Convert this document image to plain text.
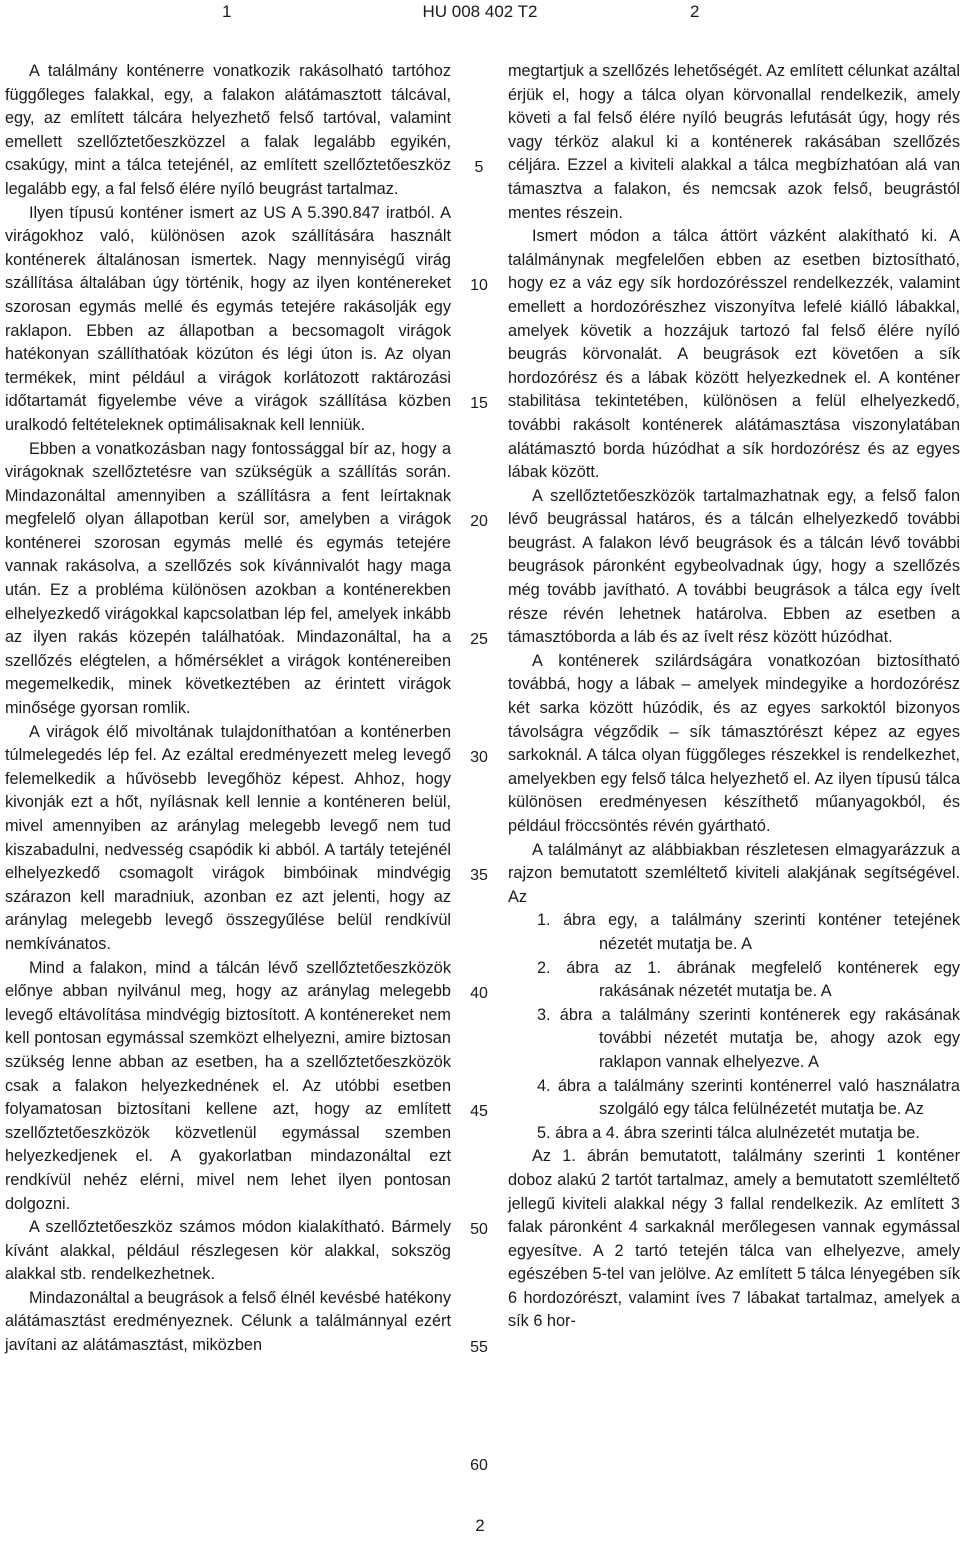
1	HU 008 402 T2	2

A találmány konténerre vonatkozik rakásolható tartóhoz függőleges falakkal, egy, a falakon alátámasztott tálcával, egy, az említett tálcára helyezhető felső tartóval, valamint emellett szellőztetőeszközzel a falak legalább egyikén, csakúgy, mint a tálca tetejénél, az említett szellőztetőeszköz legalább egy, a fal felső élére nyíló beugrást tartalmaz.

Ilyen típusú konténer ismert az US A 5.390.847 iratból. A virágokhoz való, különösen azok szállítására használt konténerek általánosan ismertek. Nagy mennyiségű virág szállítása általában úgy történik, hogy az ilyen konténereket szorosan egymás mellé és egymás tetejére rakásolják egy raklapon. Ebben az állapotban a becsomagolt virágok hatékonyan szállíthatóak közúton és légi úton is. Az olyan termékek, mint például a virágok korlátozott raktározási időtartamát figyelembe véve a virágok szállítása közben uralkodó feltételeknek optimálisaknak kell lenniük.

Ebben a vonatkozásban nagy fontossággal bír az, hogy a virágoknak szellőztetésre van szükségük a szállítás során. Mindazonáltal amennyiben a szállításra a fent leírtaknak megfelelő olyan állapotban kerül sor, amelyben a virágok konténerei szorosan egymás mellé és egymás tetejére vannak rakásolva, a szellőzés sok kívánnivalót hagy maga után. Ez a probléma különösen azokban a konténerekben elhelyezkedő virágokkal kapcsolatban lép fel, amelyek inkább az ilyen rakás közepén találhatóak. Mindazonáltal, ha a szellőzés elégtelen, a hőmérséklet a virágok konténereiben megemelkedik, minek következtében az érintett virágok minősége gyorsan romlik.

A virágok élő mivoltának tulajdoníthatóan a konténerben túlmelegedés lép fel. Az ezáltal eredményezett meleg levegő felemelkedik a hűvösebb levegőhöz képest. Ahhoz, hogy kivonják ezt a hőt, nyílásnak kell lennie a konténeren belül, mivel amennyiben az aránylag melegebb levegő nem tud kiszabadulni, nedvesség csapódik ki abból. A tartály tetejénél elhelyezkedő csomagolt virágok bimbóinak mindvégig szárazon kell maradniuk, azonban ez azt jelenti, hogy az aránylag melegebb levegő összegyűlése belül rendkívül nemkívánatos.

Mind a falakon, mind a tálcán lévő szellőztetőeszközök előnye abban nyilvánul meg, hogy az aránylag melegebb levegő eltávolítása mindvégig biztosított. A konténereket nem kell pontosan egymással szemközt elhelyezni, amire biztosan szükség lenne abban az esetben, ha a szellőztetőeszközök csak a falakon helyezkednének el. Az utóbbi esetben folyamatosan biztosítani kellene azt, hogy az említett szellőztetőeszközök közvetlenül egymással szemben helyezkedjenek el. A gyakorlatban mindazonáltal ezt rendkívül nehéz elérni, mivel nem lehet ilyen pontosan dolgozni.

A szellőztetőeszköz számos módon kialakítható. Bármely kívánt alakkal, például részlegesen kör alakkal, sokszög alakkal stb. rendelkezhetnek.

Mindazonáltal a beugrások a felső élnél kevésbé hatékony alátámasztást eredményeznek. Célunk a találmánnyal ezért javítani az alátámasztást, miközben

5
10
15
20
25
30
35
40
45
50
55
60

megtartjuk a szellőzés lehetőségét. Az említett célunkat azáltal érjük el, hogy a tálca olyan körvonallal rendelkezik, amely követi a fal felső élére nyíló beugrás lefutását úgy, hogy rés vagy térköz alakul ki a konténerek rakásában szellőzés céljára. Ezzel a kiviteli alakkal a tálca megbízhatóan alá van támasztva a falakon, és nemcsak azok felső, beugrástól mentes részein.

Ismert módon a tálca áttört vázként alakítható ki. A találmánynak megfelelően ebben az esetben biztosítható, hogy ez a váz egy sík hordozórésszel rendelkezzék, valamint emellett a hordozórészhez viszonyítva lefelé kiálló lábakkal, amelyek követik a hozzájuk tartozó fal felső élére nyíló beugrás körvonalát. A beugrások ezt követően a sík hordozórész és a lábak között helyezkednek el. A konténer stabilitása tekintetében, különösen a felül elhelyezkedő, további rakásolt konténerek alátámasztása viszonylatában alátámasztó borda húzódhat a sík hordozórész és az egyes lábak között.

A szellőztetőeszközök tartalmazhatnak egy, a felső falon lévő beugrással határos, és a tálcán elhelyezkedő további beugrást. A falakon lévő beugrások és a tálcán lévő további beugrások páronként egybeolvadnak úgy, hogy a szellőzés még tovább javítható. A további beugrások a tálca egy ívelt része révén lehetnek határolva. Ebben az esetben a támasztóborda a láb és az ívelt rész között húzódhat.

A konténerek szilárdságára vonatkozóan biztosítható továbbá, hogy a lábak – amelyek mindegyike a hordozórész két sarka között húzódik, és az egyes sarkoktól bizonyos távolságra végződik – sík támasztórészt képez az egyes sarkoknál. A tálca olyan függőleges részekkel is rendelkezhet, amelyekben egy felső tálca helyezhető el. Az ilyen típusú tálca különösen eredményesen készíthető műanyagokból, és például fröccsöntés révén gyártható.

A találmányt az alábbiakban részletesen elmagyarázzuk a rajzon bemutatott szemléltető kiviteli alakjának segítségével. Az

1. ábra egy, a találmány szerinti konténer tetejének nézetét mutatja be. A

2. ábra az 1. ábrának megfelelő konténerek egy rakásának nézetét mutatja be. A

3. ábra a találmány szerinti konténerek egy rakásának további nézetét mutatja be, ahogy azok egy raklapon vannak elhelyezve. A

4. ábra a találmány szerinti konténerrel való használatra szolgáló egy tálca felülnézetét mutatja be. Az

5. ábra a 4. ábra szerinti tálca alulnézetét mutatja be.

Az 1. ábrán bemutatott, találmány szerinti 1 konténer doboz alakú 2 tartót tartalmaz, amely a bemutatott szemléltető jellegű kiviteli alakkal négy 3 fallal rendelkezik. Az említett 3 falak páronként 4 sarkaknál merőlegesen vannak egymással egyesítve. A 2 tartó tetején tálca van elhelyezve, amely egészében 5-tel van jelölve. Az említett 5 tálca lényegében sík 6 hordozórészt, valamint íves 7 lábakat tartalmaz, amelyek a sík 6 hor-

2
